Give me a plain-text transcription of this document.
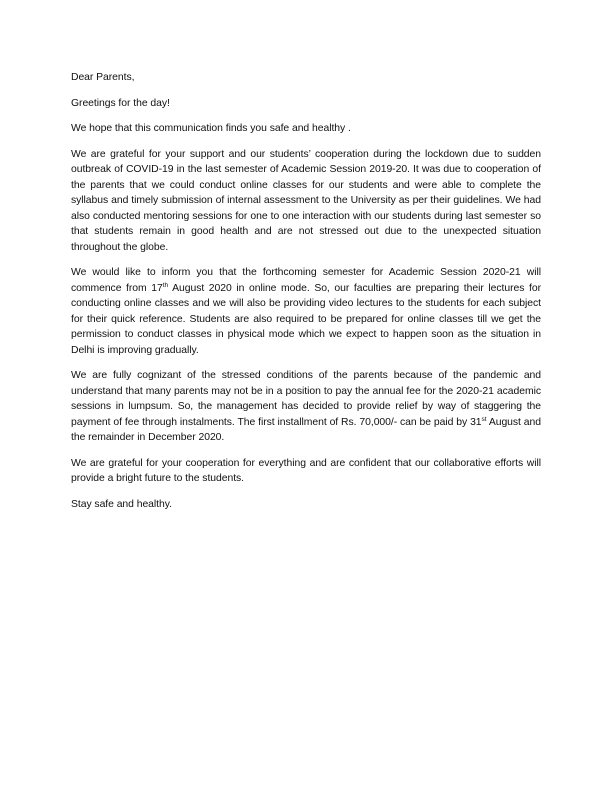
Dear Parents,

Greetings for the day!

We hope that this communication finds you safe and healthy .

We are grateful for your support and our students’ cooperation during the lockdown due to sudden outbreak of COVID-19 in the last semester of Academic Session 2019-20. It was due to cooperation of the parents that we could conduct online classes for our students and were able to complete the syllabus and timely submission of internal assessment to the University as per their guidelines. We had also conducted mentoring sessions for one to one interaction with our students during last semester so that students remain in good health and are not stressed out due to the unexpected situation throughout the globe.

We would like to inform you that the forthcoming semester for Academic Session 2020-21 will commence from 17th August 2020 in online mode. So, our faculties are preparing their lectures for conducting online classes and we will also be providing video lectures to the students for each subject for their quick reference. Students are also required to be prepared for online classes till we get the permission to conduct classes in physical mode which we expect to happen soon as the situation in Delhi is improving gradually.

We are fully cognizant of the stressed conditions of the parents because of the pandemic and understand that many parents may not be in a position to pay the annual fee for the 2020-21 academic sessions in lumpsum. So, the management has decided to provide relief by way of staggering the payment of fee through instalments. The first installment of Rs. 70,000/- can be paid by 31st August and the remainder in December 2020.

We are grateful for your cooperation for everything and are confident that our collaborative efforts will provide a bright future to the students.

Stay safe and healthy.
